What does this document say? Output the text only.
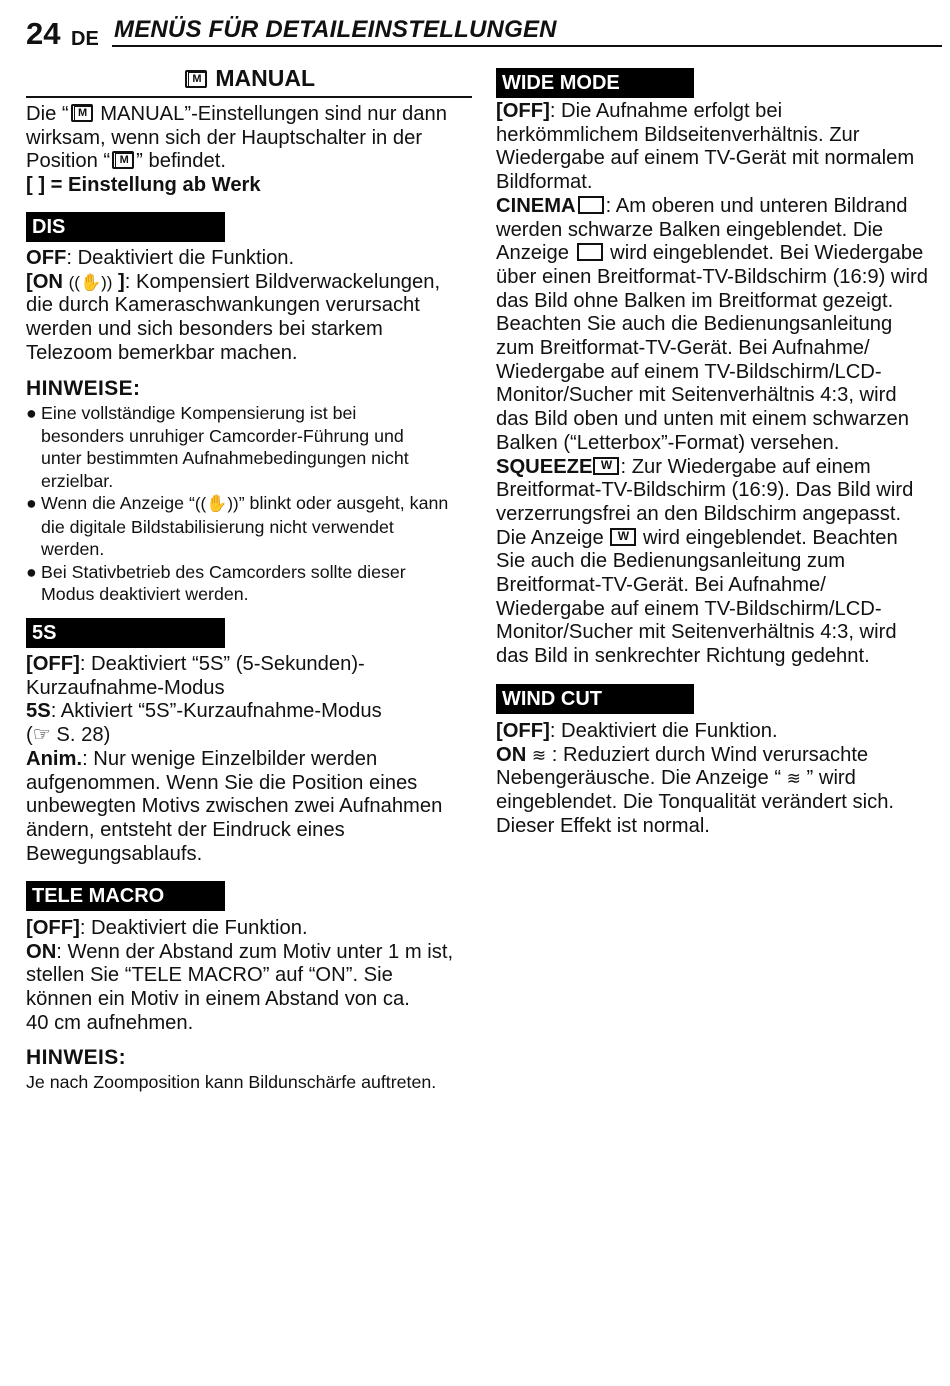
24 DE MENÜS FÜR DETAILEINSTELLUNGEN
M MANUAL
Die “M MANUAL”-Einstellungen sind nur dann
wirksam, wenn sich der Hauptschalter in der
Position “ M ” befindet.
[ ] = Einstellung ab Werk
DIS
OFF: Deaktiviert die Funktion.
[ON ((✋)) ]: Kompensiert Bildverwackelungen,
die durch Kameraschwankungen verursacht
werden und sich besonders bei starkem
Telezoom bemerkbar machen.
HINWEISE:
● Eine vollständige Kompensierung ist bei
besonders unruhiger Camcorder-Führung und
unter bestimmten Aufnahmebedingungen nicht
erzielbar.
● Wenn die Anzeige “((✋))” blinkt oder ausgeht, kann
die digitale Bildstabilisierung nicht verwendet
werden.
● Bei Stativbetrieb des Camcorders sollte dieser
Modus deaktiviert werden.
5S
[OFF]: Deaktiviert “5S” (5-Sekunden)-
Kurzaufnahme-Modus
5S: Aktiviert “5S”-Kurzaufnahme-Modus
(☞ S. 28)
Anim.: Nur wenige Einzelbilder werden
aufgenommen. Wenn Sie die Position eines
unbewegten Motivs zwischen zwei Aufnahmen
ändern, entsteht der Eindruck eines
Bewegungsablaufs.
TELE MACRO
[OFF]: Deaktiviert die Funktion.
ON: Wenn der Abstand zum Motiv unter 1 m ist,
stellen Sie “TELE MACRO” auf “ON”. Sie
können ein Motiv in einem Abstand von ca.
40 cm aufnehmen.
HINWEIS:
Je nach Zoomposition kann Bildunschärfe auftreten.
WIDE MODE
[OFF]: Die Aufnahme erfolgt bei
herkömmlichem Bildseitenverhältnis. Zur
Wiedergabe auf einem TV-Gerät mit normalem
Bildformat.
CINEMA : Am oberen und unteren Bildrand
werden schwarze Balken eingeblendet. Die
Anzeige  wird eingeblendet. Bei Wiedergabe
über einen Breitformat-TV-Bildschirm (16:9) wird
das Bild ohne Balken im Breitformat gezeigt.
Beachten Sie auch die Bedienungsanleitung
zum Breitformat-TV-Gerät. Bei Aufnahme/
Wiedergabe auf einem TV-Bildschirm/LCD-
Monitor/Sucher mit Seitenverhältnis 4:3, wird
das Bild oben und unten mit einem schwarzen
Balken (“Letterbox”-Format) versehen.
SQUEEZE W : Zur Wiedergabe auf einem
Breitformat-TV-Bildschirm (16:9). Das Bild wird
verzerrungsfrei an den Bildschirm angepasst.
Die Anzeige W wird eingeblendet. Beachten
Sie auch die Bedienungsanleitung zum
Breitformat-TV-Gerät. Bei Aufnahme/
Wiedergabe auf einem TV-Bildschirm/LCD-
Monitor/Sucher mit Seitenverhältnis 4:3, wird
das Bild in senkrechter Richtung gedehnt.
WIND CUT
[OFF]: Deaktiviert die Funktion.
ON ≋ : Reduziert durch Wind verursachte
Nebengeräusche. Die Anzeige “ ≋ ” wird
eingeblendet. Die Tonqualität verändert sich.
Dieser Effekt ist normal.
